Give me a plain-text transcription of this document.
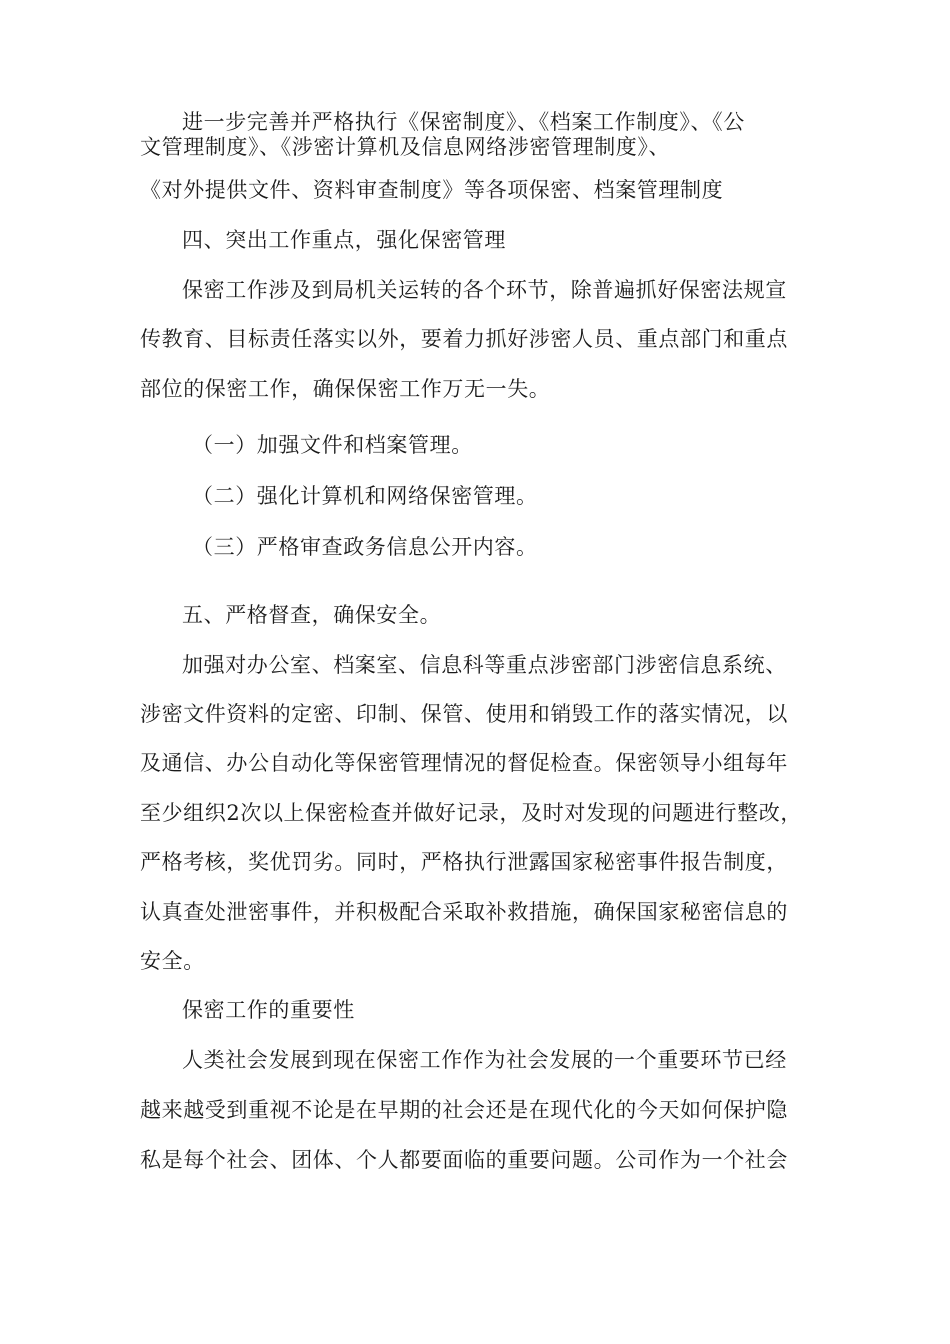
进一步完善并严格执行《保密制度》、《档案工作制度》、《公
文管理制度》、《涉密计算机及信息网络涉密管理制度》、
《对外提供文件、资料审查制度》等各项保密、档案管理制度
四、突出工作重点，强化保密管理
保密工作涉及到局机关运转的各个环节，除普遍抓好保密法规宣
传教育、目标责任落实以外，要着力抓好涉密人员、重点部门和重点
部位的保密工作，确保保密工作万无一失。
（一）加强文件和档案管理。
（二）强化计算机和网络保密管理。
（三）严格审查政务信息公开内容。
五、严格督查，确保安全。
加强对办公室、档案室、信息科等重点涉密部门涉密信息系统、
涉密文件资料的定密、印制、保管、使用和销毁工作的落实情况，以
及通信、办公自动化等保密管理情况的督促检查。保密领导小组每年
至少组织2次以上保密检查并做好记录，及时对发现的问题进行整改，
严格考核，奖优罚劣。同时，严格执行泄露国家秘密事件报告制度，
认真查处泄密事件，并积极配合采取补救措施，确保国家秘密信息的
安全。
保密工作的重要性
人类社会发展到现在保密工作作为社会发展的一个重要环节已经
越来越受到重视不论是在早期的社会还是在现代化的今天如何保护隐
私是每个社会、团体、个人都要面临的重要问题。公司作为一个社会
